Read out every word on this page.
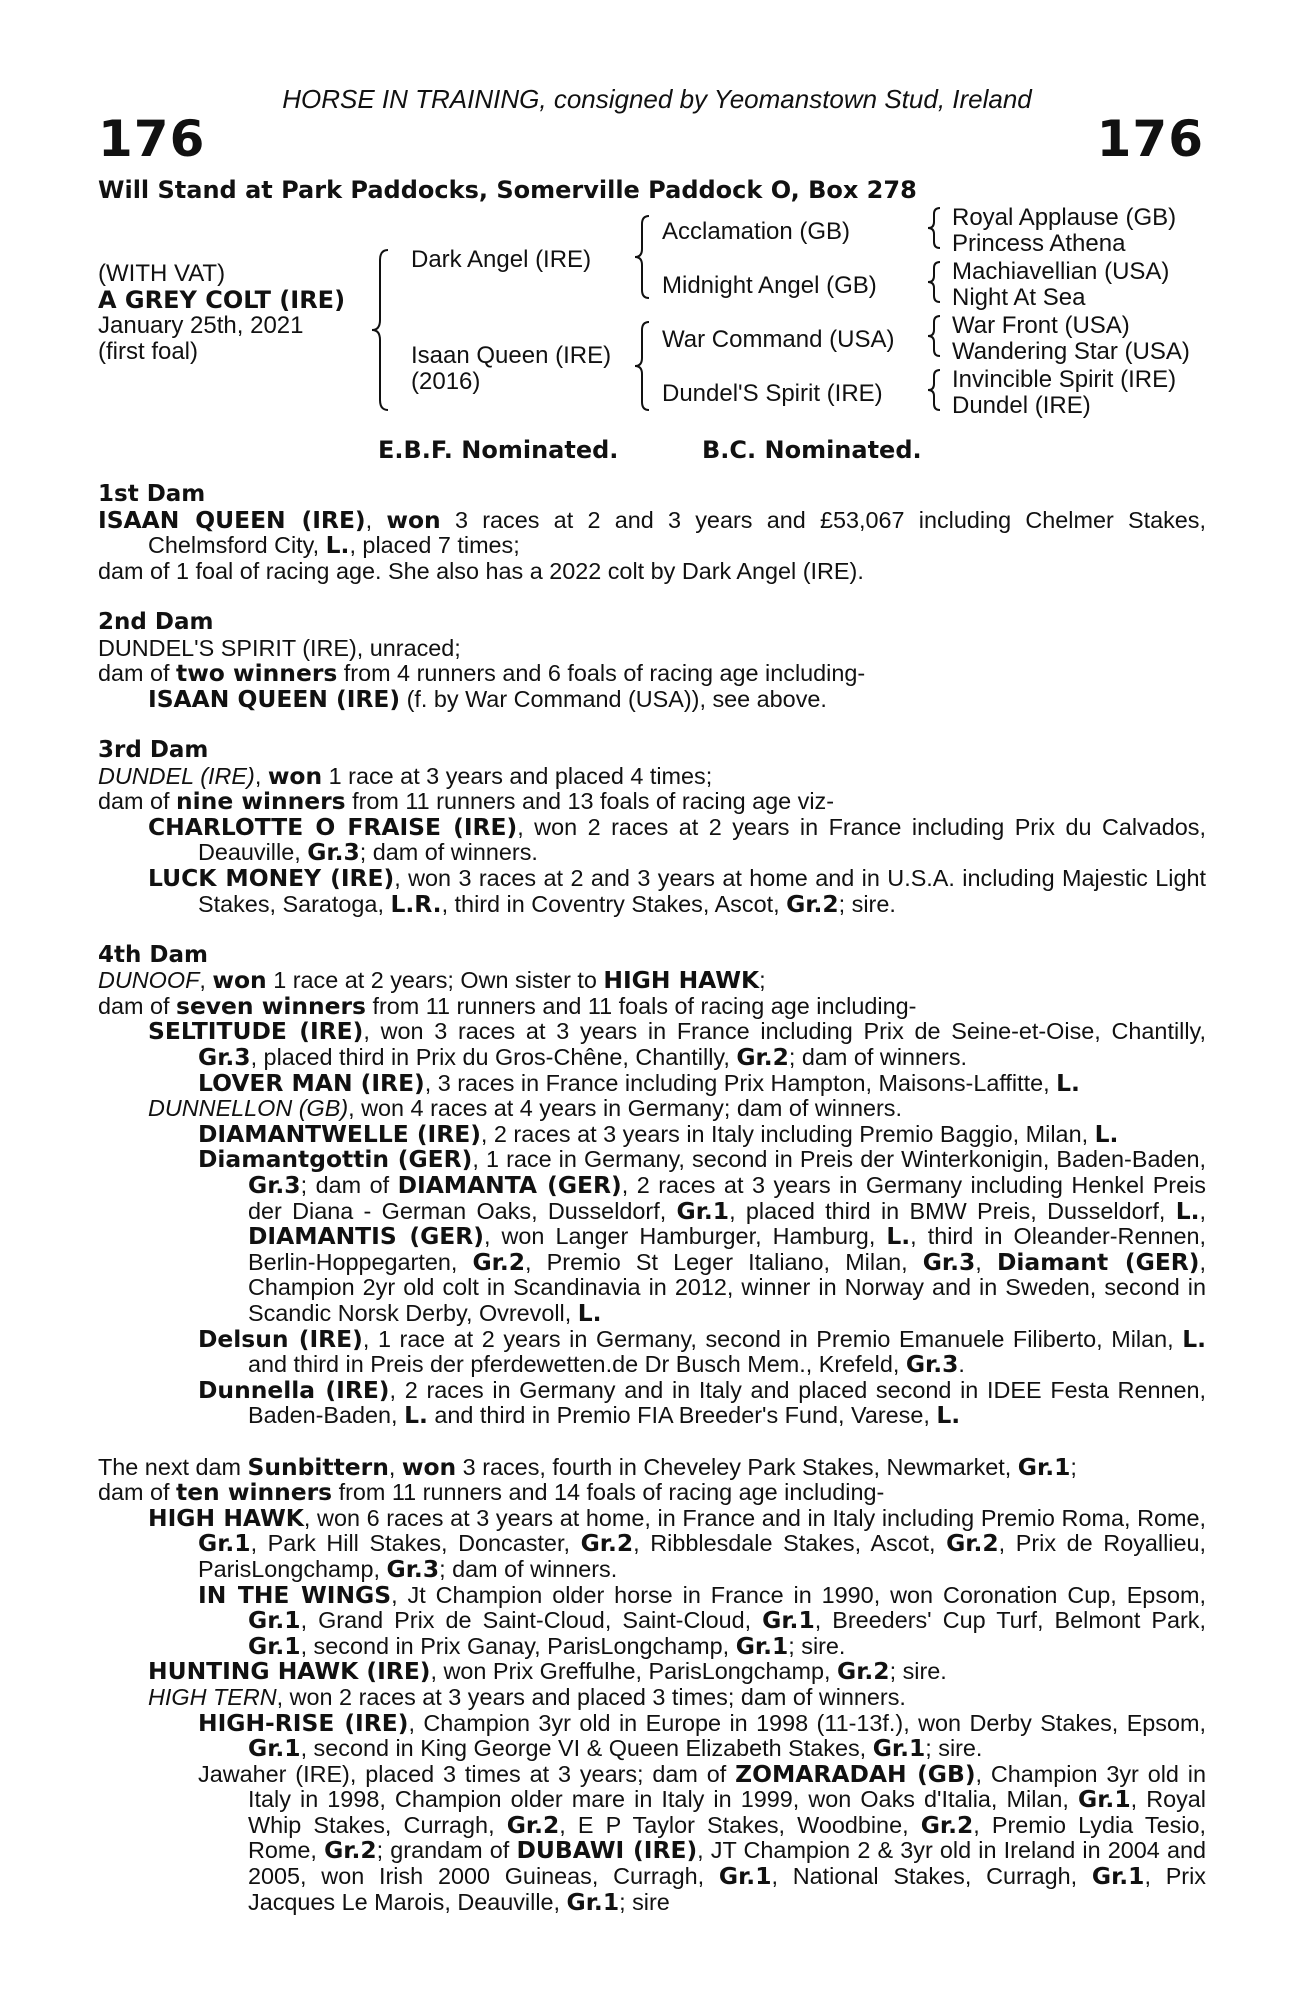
HORSE IN TRAINING, consigned by Yeomanstown Stud, Ireland
176	176
Will Stand at Park Paddocks, Somerville Paddock O, Box 278
(WITH VAT)
A GREY COLT (IRE)
January 25th, 2021
(first foal)
Dark Angel (IRE)
Isaan Queen (IRE)
(2016)
Acclamation (GB)
Midnight Angel (GB)
War Command (USA)
Dundel'S Spirit (IRE)
Royal Applause (GB)
Princess Athena
Machiavellian (USA)
Night At Sea
War Front (USA)
Wandering Star (USA)
Invincible Spirit (IRE)
Dundel (IRE)
E.B.F. Nominated.	B.C. Nominated.
1st Dam

ISAAN QUEEN (IRE), won 3 races at 2 and 3 years and £53,067 including Chelmer Stakes, Chelmsford City, L., placed 7 times;

dam of 1 foal of racing age. She also has a 2022 colt by Dark Angel (IRE).

2nd Dam

DUNDEL'S SPIRIT (IRE), unraced;

dam of two winners from 4 runners and 6 foals of racing age including-

ISAAN QUEEN (IRE) (f. by War Command (USA)), see above.

3rd Dam

DUNDEL (IRE), won 1 race at 3 years and placed 4 times;

dam of nine winners from 11 runners and 13 foals of racing age viz-

CHARLOTTE O FRAISE (IRE), won 2 races at 2 years in France including Prix du Calvados, Deauville, Gr.3; dam of winners.

LUCK MONEY (IRE), won 3 races at 2 and 3 years at home and in U.S.A. including Majestic Light Stakes, Saratoga, L.R., third in Coventry Stakes, Ascot, Gr.2; sire.

4th Dam

DUNOOF, won 1 race at 2 years; Own sister to HIGH HAWK;

dam of seven winners from 11 runners and 11 foals of racing age including-

SELTITUDE (IRE), won 3 races at 3 years in France including Prix de Seine-et-Oise, Chantilly, Gr.3, placed third in Prix du Gros-Chêne, Chantilly, Gr.2; dam of winners.

LOVER MAN (IRE), 3 races in France including Prix Hampton, Maisons-Laffitte, L.

DUNNELLON (GB), won 4 races at 4 years in Germany; dam of winners.

DIAMANTWELLE (IRE), 2 races at 3 years in Italy including Premio Baggio, Milan, L.

Diamantgottin (GER), 1 race in Germany, second in Preis der Winterkonigin, Baden-Baden, Gr.3; dam of DIAMANTA (GER), 2 races at 3 years in Germany including Henkel Preis der Diana - German Oaks, Dusseldorf, Gr.1, placed third in BMW Preis, Dusseldorf, L., DIAMANTIS (GER), won Langer Hamburger, Hamburg, L., third in Oleander-Rennen, Berlin-Hoppegarten, Gr.2, Premio St Leger Italiano, Milan, Gr.3, Diamant (GER), Champion 2yr old colt in Scandinavia in 2012, winner in Norway and in Sweden, second in Scandic Norsk Derby, Ovrevoll, L.

Delsun (IRE), 1 race at 2 years in Germany, second in Premio Emanuele Filiberto, Milan, L. and third in Preis der pferdewetten.de Dr Busch Mem., Krefeld, Gr.3.

Dunnella (IRE), 2 races in Germany and in Italy and placed second in IDEE Festa Rennen, Baden-Baden, L. and third in Premio FIA Breeder's Fund, Varese, L.

The next dam Sunbittern, won 3 races, fourth in Cheveley Park Stakes, Newmarket, Gr.1;

dam of ten winners from 11 runners and 14 foals of racing age including-

HIGH HAWK, won 6 races at 3 years at home, in France and in Italy including Premio Roma, Rome, Gr.1, Park Hill Stakes, Doncaster, Gr.2, Ribblesdale Stakes, Ascot, Gr.2, Prix de Royallieu, ParisLongchamp, Gr.3; dam of winners.

IN THE WINGS, Jt Champion older horse in France in 1990, won Coronation Cup, Epsom, Gr.1, Grand Prix de Saint-Cloud, Saint-Cloud, Gr.1, Breeders' Cup Turf, Belmont Park, Gr.1, second in Prix Ganay, ParisLongchamp, Gr.1; sire.

HUNTING HAWK (IRE), won Prix Greffulhe, ParisLongchamp, Gr.2; sire.

HIGH TERN, won 2 races at 3 years and placed 3 times; dam of winners.

HIGH-RISE (IRE), Champion 3yr old in Europe in 1998 (11-13f.), won Derby Stakes, Epsom, Gr.1, second in King George VI & Queen Elizabeth Stakes, Gr.1; sire.

Jawaher (IRE), placed 3 times at 3 years; dam of ZOMARADAH (GB), Champion 3yr old in Italy in 1998, Champion older mare in Italy in 1999, won Oaks d'Italia, Milan, Gr.1, Royal Whip Stakes, Curragh, Gr.2, E P Taylor Stakes, Woodbine, Gr.2, Premio Lydia Tesio, Rome, Gr.2; grandam of DUBAWI (IRE), JT Champion 2 & 3yr old in Ireland in 2004 and 2005, won Irish 2000 Guineas, Curragh, Gr.1, National Stakes, Curragh, Gr.1, Prix Jacques Le Marois, Deauville, Gr.1; sire
